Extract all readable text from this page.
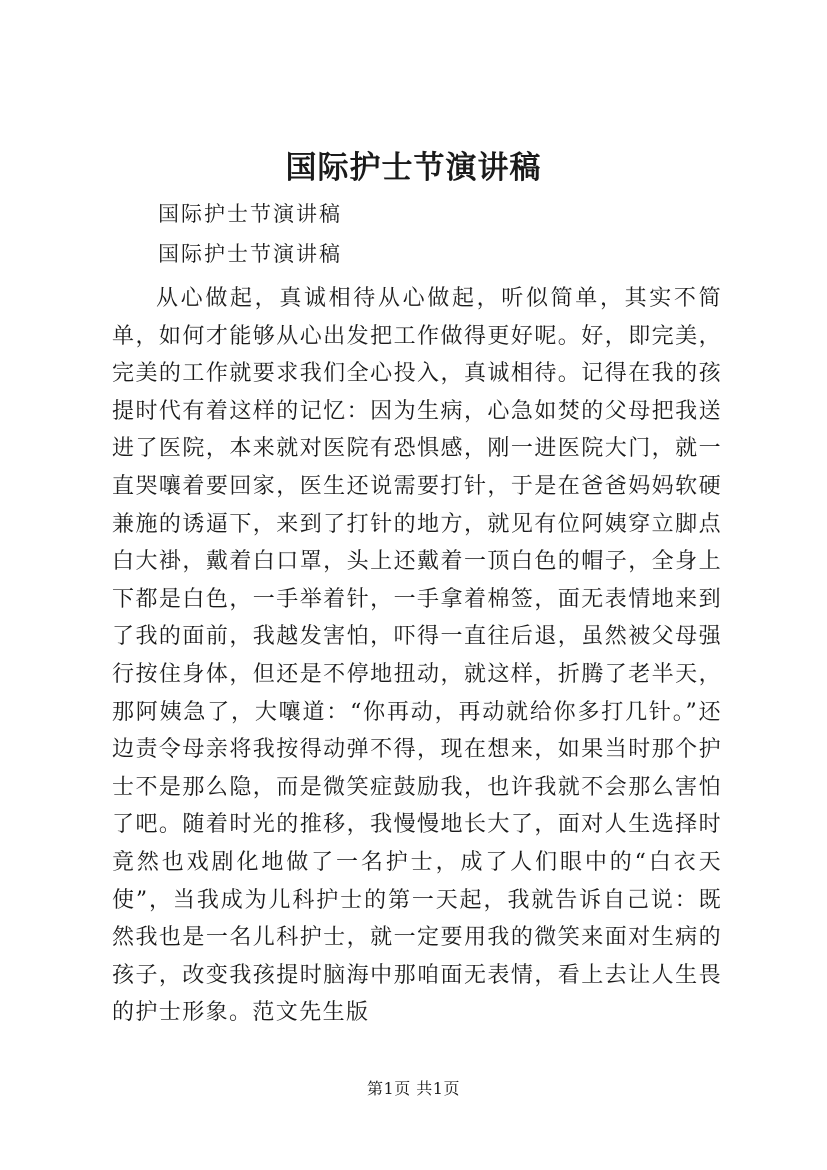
国际护士节演讲稿
国际护士节演讲稿
国际护士节演讲稿

从心做起，真诚相待从心做起，听似简单，其实不简单，如何才能够从心出发把工作做得更好呢。好，即完美，完美的工作就要求我们全心投入，真诚相待。记得在我的孩提时代有着这样的记忆：因为生病，心急如焚的父母把我送进了医院，本来就对医院有恐惧感，刚一进医院大门，就一直哭嚷着要回家，医生还说需要打针，于是在爸爸妈妈软硬兼施的诱逼下，来到了打针的地方，就见有位阿姨穿立脚点白大褂，戴着白口罩，头上还戴着一顶白色的帽子，全身上下都是白色，一手举着针，一手拿着棉签，面无表情地来到了我的面前，我越发害怕，吓得一直往后退，虽然被父母强行按住身体，但还是不停地扭动，就这样，折腾了老半天，那阿姨急了，大嚷道：“你再动，再动就给你多打几针。”还边责令母亲将我按得动弹不得，现在想来，如果当时那个护士不是那么隐，而是微笑症鼓励我，也许我就不会那么害怕了吧。随着时光的推移，我慢慢地长大了，面对人生选择时竟然也戏剧化地做了一名护士，成了人们眼中的“白衣天使”，当我成为儿科护士的第一天起，我就告诉自己说：既然我也是一名儿科护士，就一定要用我的微笑来面对生病的孩子，改变我孩提时脑海中那咱面无表情，看上去让人生畏的护士形象。范文先生版

第1页 共1页
